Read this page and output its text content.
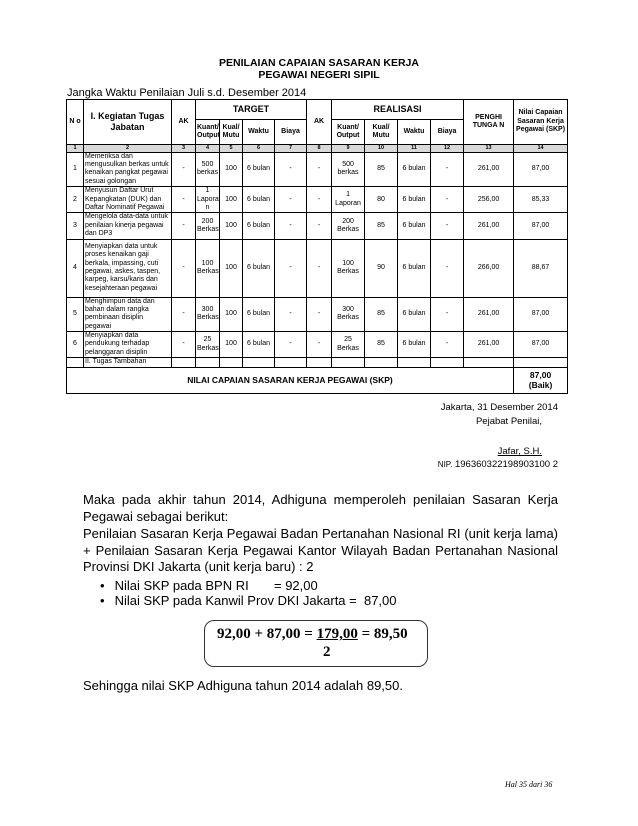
PENILAIAN CAPAIAN SASARAN KERJA
PEGAWAI NEGERI SIPIL
Jangka Waktu Penilaian Juli s.d. Desember 2014
N o	I. Kegiatan Tugas Jabatan	AK	TARGET				AK	REALISASI				PENGHI TUNGA N	Nilai Capaian Sasaran Kerja Pegawai (SKP)
			Kuant/ Output	Kual/ Mutu	Waktu	Biaya		Kuant/ Output	Kual/ Mutu	Waktu	Biaya		
1	2	3	4	5	6	7	8	9	10	11	12	13	14
1	Memeriksa dan mengusulkan berkas untuk kenaikan pangkat pegawai sesuai golongan	-	500 berkas	100	6 bulan	-	-	500 berkas	85	6 bulan	-	261,00	87,00
2	Menyusun Daftar Urut Kepangkatan (DUK) dan Daftar Nominatif Pegawai	-	1 Lapora n	100	6 bulan	-	-	1 Laporan	80	6 bulan	-	256,00	85,33
3	Mengelola data-data untuk penilaian kinerja pegawai dan DP3	-	200 Berkas	100	6 bulan	-	-	200 Berkas	85	6 bulan	-	261,00	87,00
4	Menyiapkan data untuk proses kenaikan gaji berkala, impassing, cuti pegawai, askes, taspen, karpeg, karsu/karis dan kesejahteraan pegawai	-	100 Berkas	100	6 bulan	-	-	100 Berkas	90	6 bulan	-	266,00	88,67
5	Menghimpun data dan bahan dalam rangka pembinaan disiplin pegawai	-	300 Berkas	100	6 bulan	-	-	300 Berkas	85	6 bulan	-	261,00	87,00
6	Menyiapkan data pendukung terhadap pelanggaran disiplin	-	25 Berkas	100	6 bulan	-	-	25 Berkas	85	6 bulan	-	261,00	87,00
	II. Tugas Tambahan												
NILAI CAPAIAN SASARAN KERJA PEGAWAI (SKP)													87,00
(Baik)
Jakarta, 31 Desember 2014
Pejabat Penilai,
Jafar, S.H.
NIP. 196360322198903100 2
Maka pada akhir tahun 2014, Adhiguna memperoleh penilaian Sasaran Kerja Pegawai sebagai berikut:
Penilaian Sasaran Kerja Pegawai Badan Pertanahan Nasional RI (unit kerja lama) + Penilaian Sasaran Kerja Pegawai Kantor Wilayah Badan Pertanahan Nasional Provinsi DKI Jakarta (unit kerja baru) : 2
• Nilai SKP pada BPN RI       = 92,00
• Nilai SKP pada Kanwil Prov DKI Jakarta =  87,00
92,00 + 87,00 = 179,00 = 89,50
2
Sehingga nilai SKP Adhiguna tahun 2014 adalah 89,50.
Hal 35 dari 36
